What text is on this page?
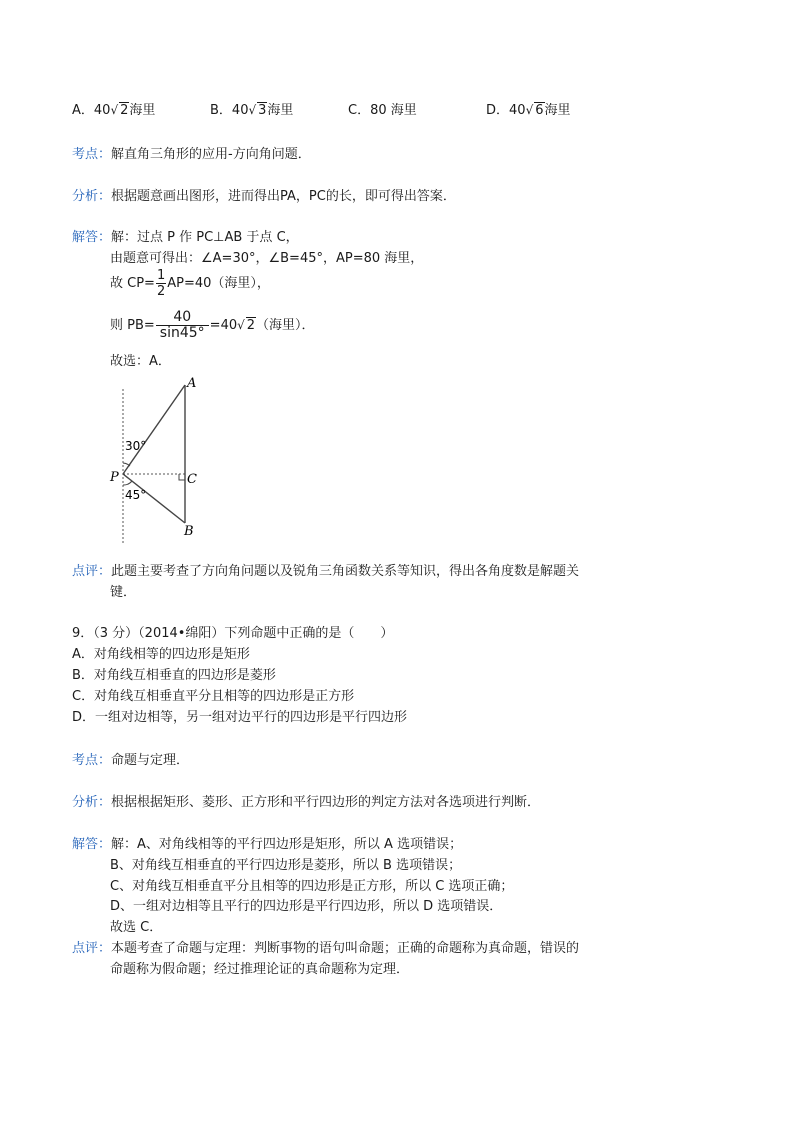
A．40√ 2海里	B．40√ 3海里	C．80 海里	D．40√ 6海里
考点：解直角三角形的应用-方向角问题．
分析：根据题意画出图形，进而得出PA，PC的长，即可得出答案．
解答：解：过点 P 作 PC⊥AB 于点 C，
由题意可得出：∠A=30°，∠B=45°，AP=80 海里，
故 $CP= \frac{1}{2} AP=40$（海里），
则 $PB= \frac{40}{\sin 45^\circ} =40√$ 2（海里）．
故选：A．
A
B
C
P
30°
45°
点评：此题主要考查了方向角问题以及锐角三角函数关系等知识，得出各角度数是解题关
键．
9．（3 分）（2014•绵阳）下列命题中正确的是（　　）
A．对角线相等的四边形是矩形
B．对角线互相垂直的四边形是菱形
C．对角线互相垂直平分且相等的四边形是正方形
D．一组对边相等，另一组对边平行的四边形是平行四边形
考点：命题与定理．
分析：根据根据矩形、菱形、正方形和平行四边形的判定方法对各选项进行判断．
解答：解：A、对角线相等的平行四边形是矩形，所以 A 选项错误；
B、对角线互相垂直的平行四边形是菱形，所以 B 选项错误；
C、对角线互相垂直平分且相等的四边形是正方形，所以 C 选项正确；
D、一组对边相等且平行的四边形是平行四边形，所以 D 选项错误．
故选 C．
点评：本题考查了命题与定理：判断事物的语句叫命题；正确的命题称为真命题，错误的
命题称为假命题；经过推理论证的真命题称为定理．
